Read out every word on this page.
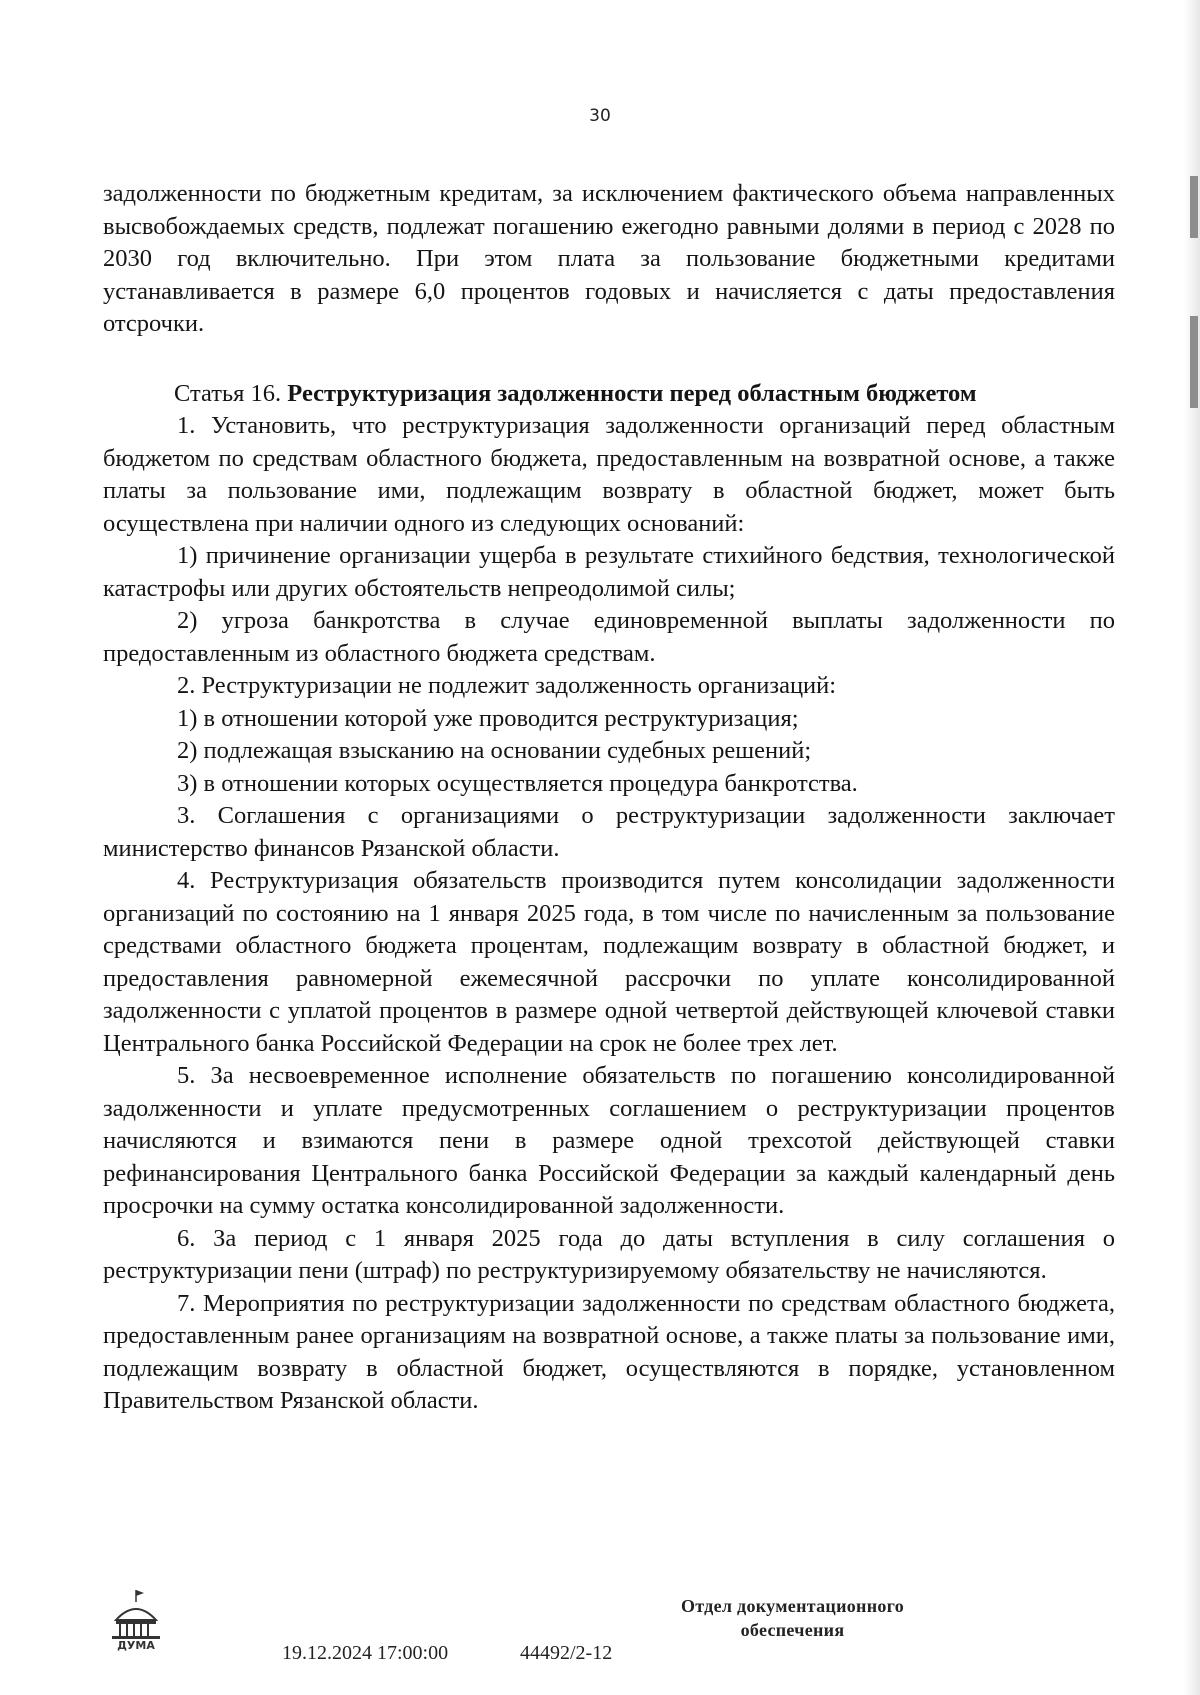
30

задолженности по бюджетным кредитам, за исключением фактического объема направленных высвобождаемых средств, подлежат погашению ежегодно равными долями в период с 2028 по 2030 год включительно. При этом плата за пользование бюджетными кредитами устанавливается в размере 6,0 процентов годовых и начисляется с даты предоставления отсрочки.

Статья 16. Реструктуризация задолженности перед областным бюджетом

1. Установить, что реструктуризация задолженности организаций перед областным бюджетом по средствам областного бюджета, предоставленным на возвратной основе, а также платы за пользование ими, подлежащим возврату в областной бюджет, может быть осуществлена при наличии одного из следующих оснований:

1) причинение организации ущерба в результате стихийного бедствия, технологической катастрофы или других обстоятельств непреодолимой силы;

2) угроза банкротства в случае единовременной выплаты задолженности по предоставленным из областного бюджета средствам.

2. Реструктуризации не подлежит задолженность организаций:

1) в отношении которой уже проводится реструктуризация;

2) подлежащая взысканию на основании судебных решений;

3) в отношении которых осуществляется процедура банкротства.

3. Соглашения с организациями о реструктуризации задолженности заключает министерство финансов Рязанской области.

4. Реструктуризация обязательств производится путем консолидации задолженности организаций по состоянию на 1 января 2025 года, в том числе по начисленным за пользование средствами областного бюджета процентам, подлежащим возврату в областной бюджет, и предоставления равномерной ежемесячной рассрочки по уплате консолидированной задолженности с уплатой процентов в размере одной четвертой действующей ключевой ставки Центрального банка Российской Федерации на срок не более трех лет.

5. За несвоевременное исполнение обязательств по погашению консолидированной задолженности и уплате предусмотренных соглашением о реструктуризации процентов начисляются и взимаются пени в размере одной трехсотой действующей ставки рефинансирования Центрального банка Российской Федерации за каждый календарный день просрочки на сумму остатка консолидированной задолженности.

6. За период с 1 января 2025 года до даты вступления в силу соглашения о реструктуризации пени (штраф) по реструктуризируемому обязательству не начисляются.

7. Мероприятия по реструктуризации задолженности по средствам областного бюджета, предоставленным ранее организациям на возвратной основе, а также платы за пользование ими, подлежащим возврату в областной бюджет, осуществляются в порядке, установленном Правительством Рязанской области.

ДУМА	19.12.2024 17:00:00	44492/2-12
Отдел документационного
обеспечения
